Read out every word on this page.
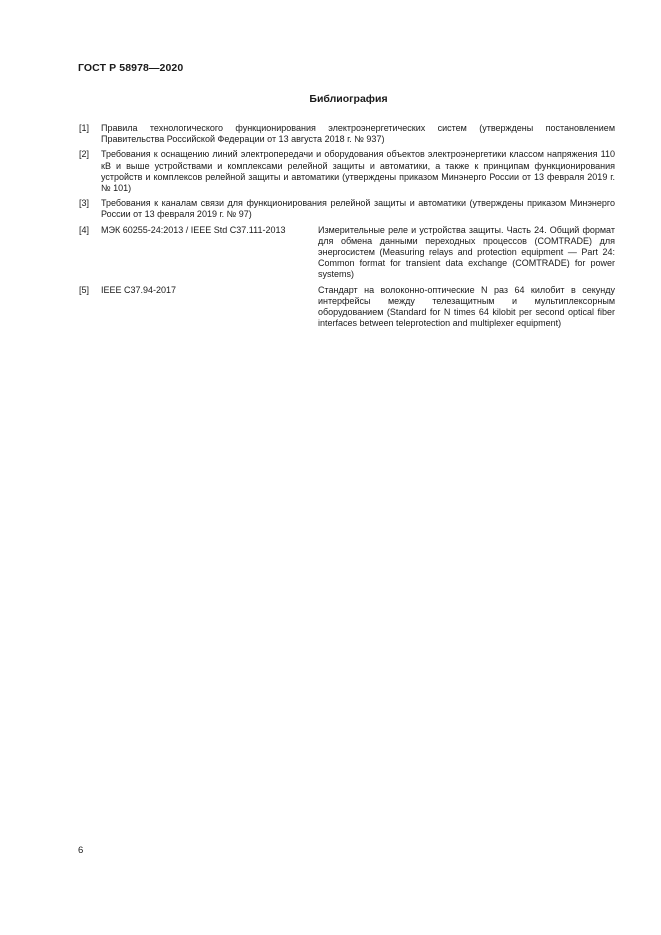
ГОСТ Р 58978—2020
Библиография
[1]	Правила технологического функционирования электроэнергетических систем (утверждены постановлением Правительства Российской Федерации от 13 августа 2018 г. № 937)
[2]	Требования к оснащению линий электропередачи и оборудования объектов электроэнергетики классом напряжения 110 кВ и выше устройствами и комплексами релейной защиты и автоматики, а также к принципам функционирования устройств и комплексов релейной защиты и автоматики (утверждены приказом Минэнерго России от 13 февраля 2019 г. № 101)
[3]	Требования к каналам связи для функционирования релейной защиты и автоматики (утверждены приказом Минэнерго России от 13 февраля 2019 г. № 97)
[4]	МЭК 60255-24:2013 / IEEE Std C37.111-2013	Измерительные реле и устройства защиты. Часть 24. Общий формат для обмена данными переходных процессов (COMTRADE) для энергосистем (Measuring relays and protection equipment — Part 24: Common format for transient data exchange (COMTRADE) for power systems)
[5]	IEEE C37.94-2017	Стандарт на волоконно-оптические N раз 64 килобит в секунду интерфейсы между телезащитным и мультиплексорным оборудованием (Standard for N times 64 kilobit per second optical fiber interfaces between teleprotection and multiplexer equipment)
6
